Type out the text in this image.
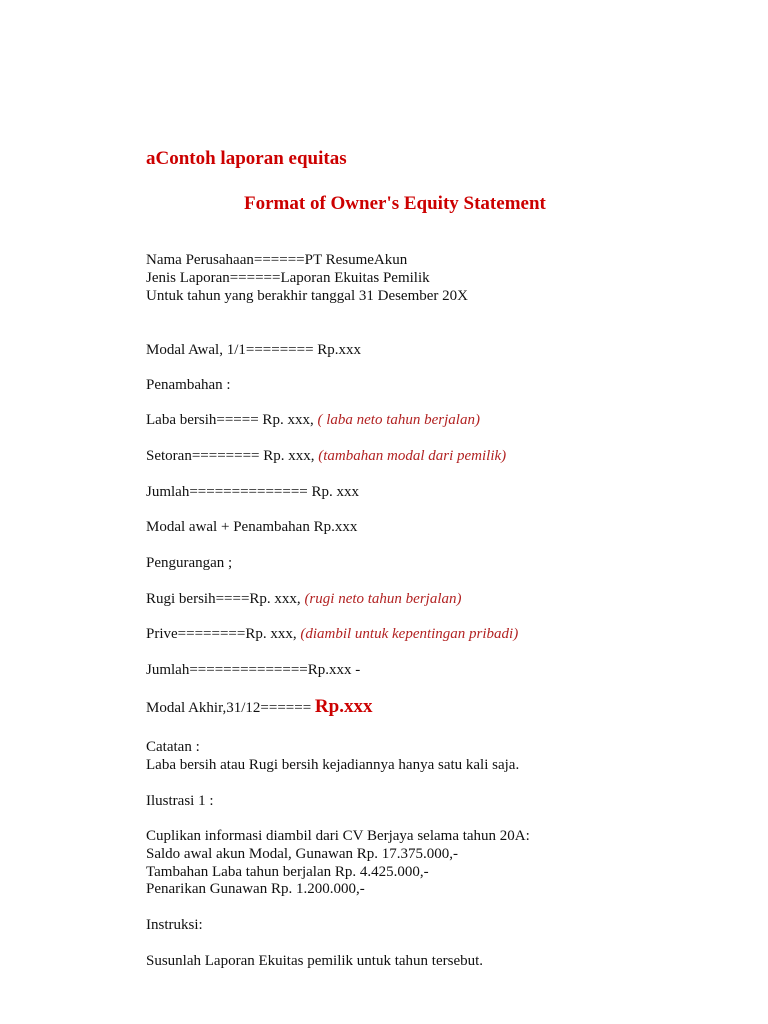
aContoh laporan equitas
Format of Owner's Equity Statement
Nama Perusahaan======PT ResumeAkun
Jenis Laporan======Laporan Ekuitas Pemilik
Untuk tahun yang berakhir tanggal 31 Desember 20X
Modal Awal, 1/1======== Rp.xxx
Penambahan :
Laba bersih===== Rp. xxx, ( laba neto tahun berjalan)
Setoran======== Rp. xxx, (tambahan modal dari pemilik)
Jumlah============== Rp. xxx
Modal awal + Penambahan Rp.xxx
Pengurangan ;
Rugi bersih====Rp. xxx, (rugi neto tahun berjalan)
Prive========Rp. xxx, (diambil untuk kepentingan pribadi)
Jumlah==============Rp.xxx -
Modal Akhir,31/12====== Rp.xxx
Catatan :
Laba bersih atau Rugi bersih kejadiannya hanya satu kali saja.
Ilustrasi 1 :
Cuplikan informasi diambil dari CV Berjaya selama tahun 20A:
Saldo awal akun Modal, Gunawan Rp. 17.375.000,-
Tambahan Laba tahun berjalan Rp. 4.425.000,-
Penarikan Gunawan Rp. 1.200.000,-
Instruksi:
Susunlah Laporan Ekuitas pemilik untuk tahun tersebut.
